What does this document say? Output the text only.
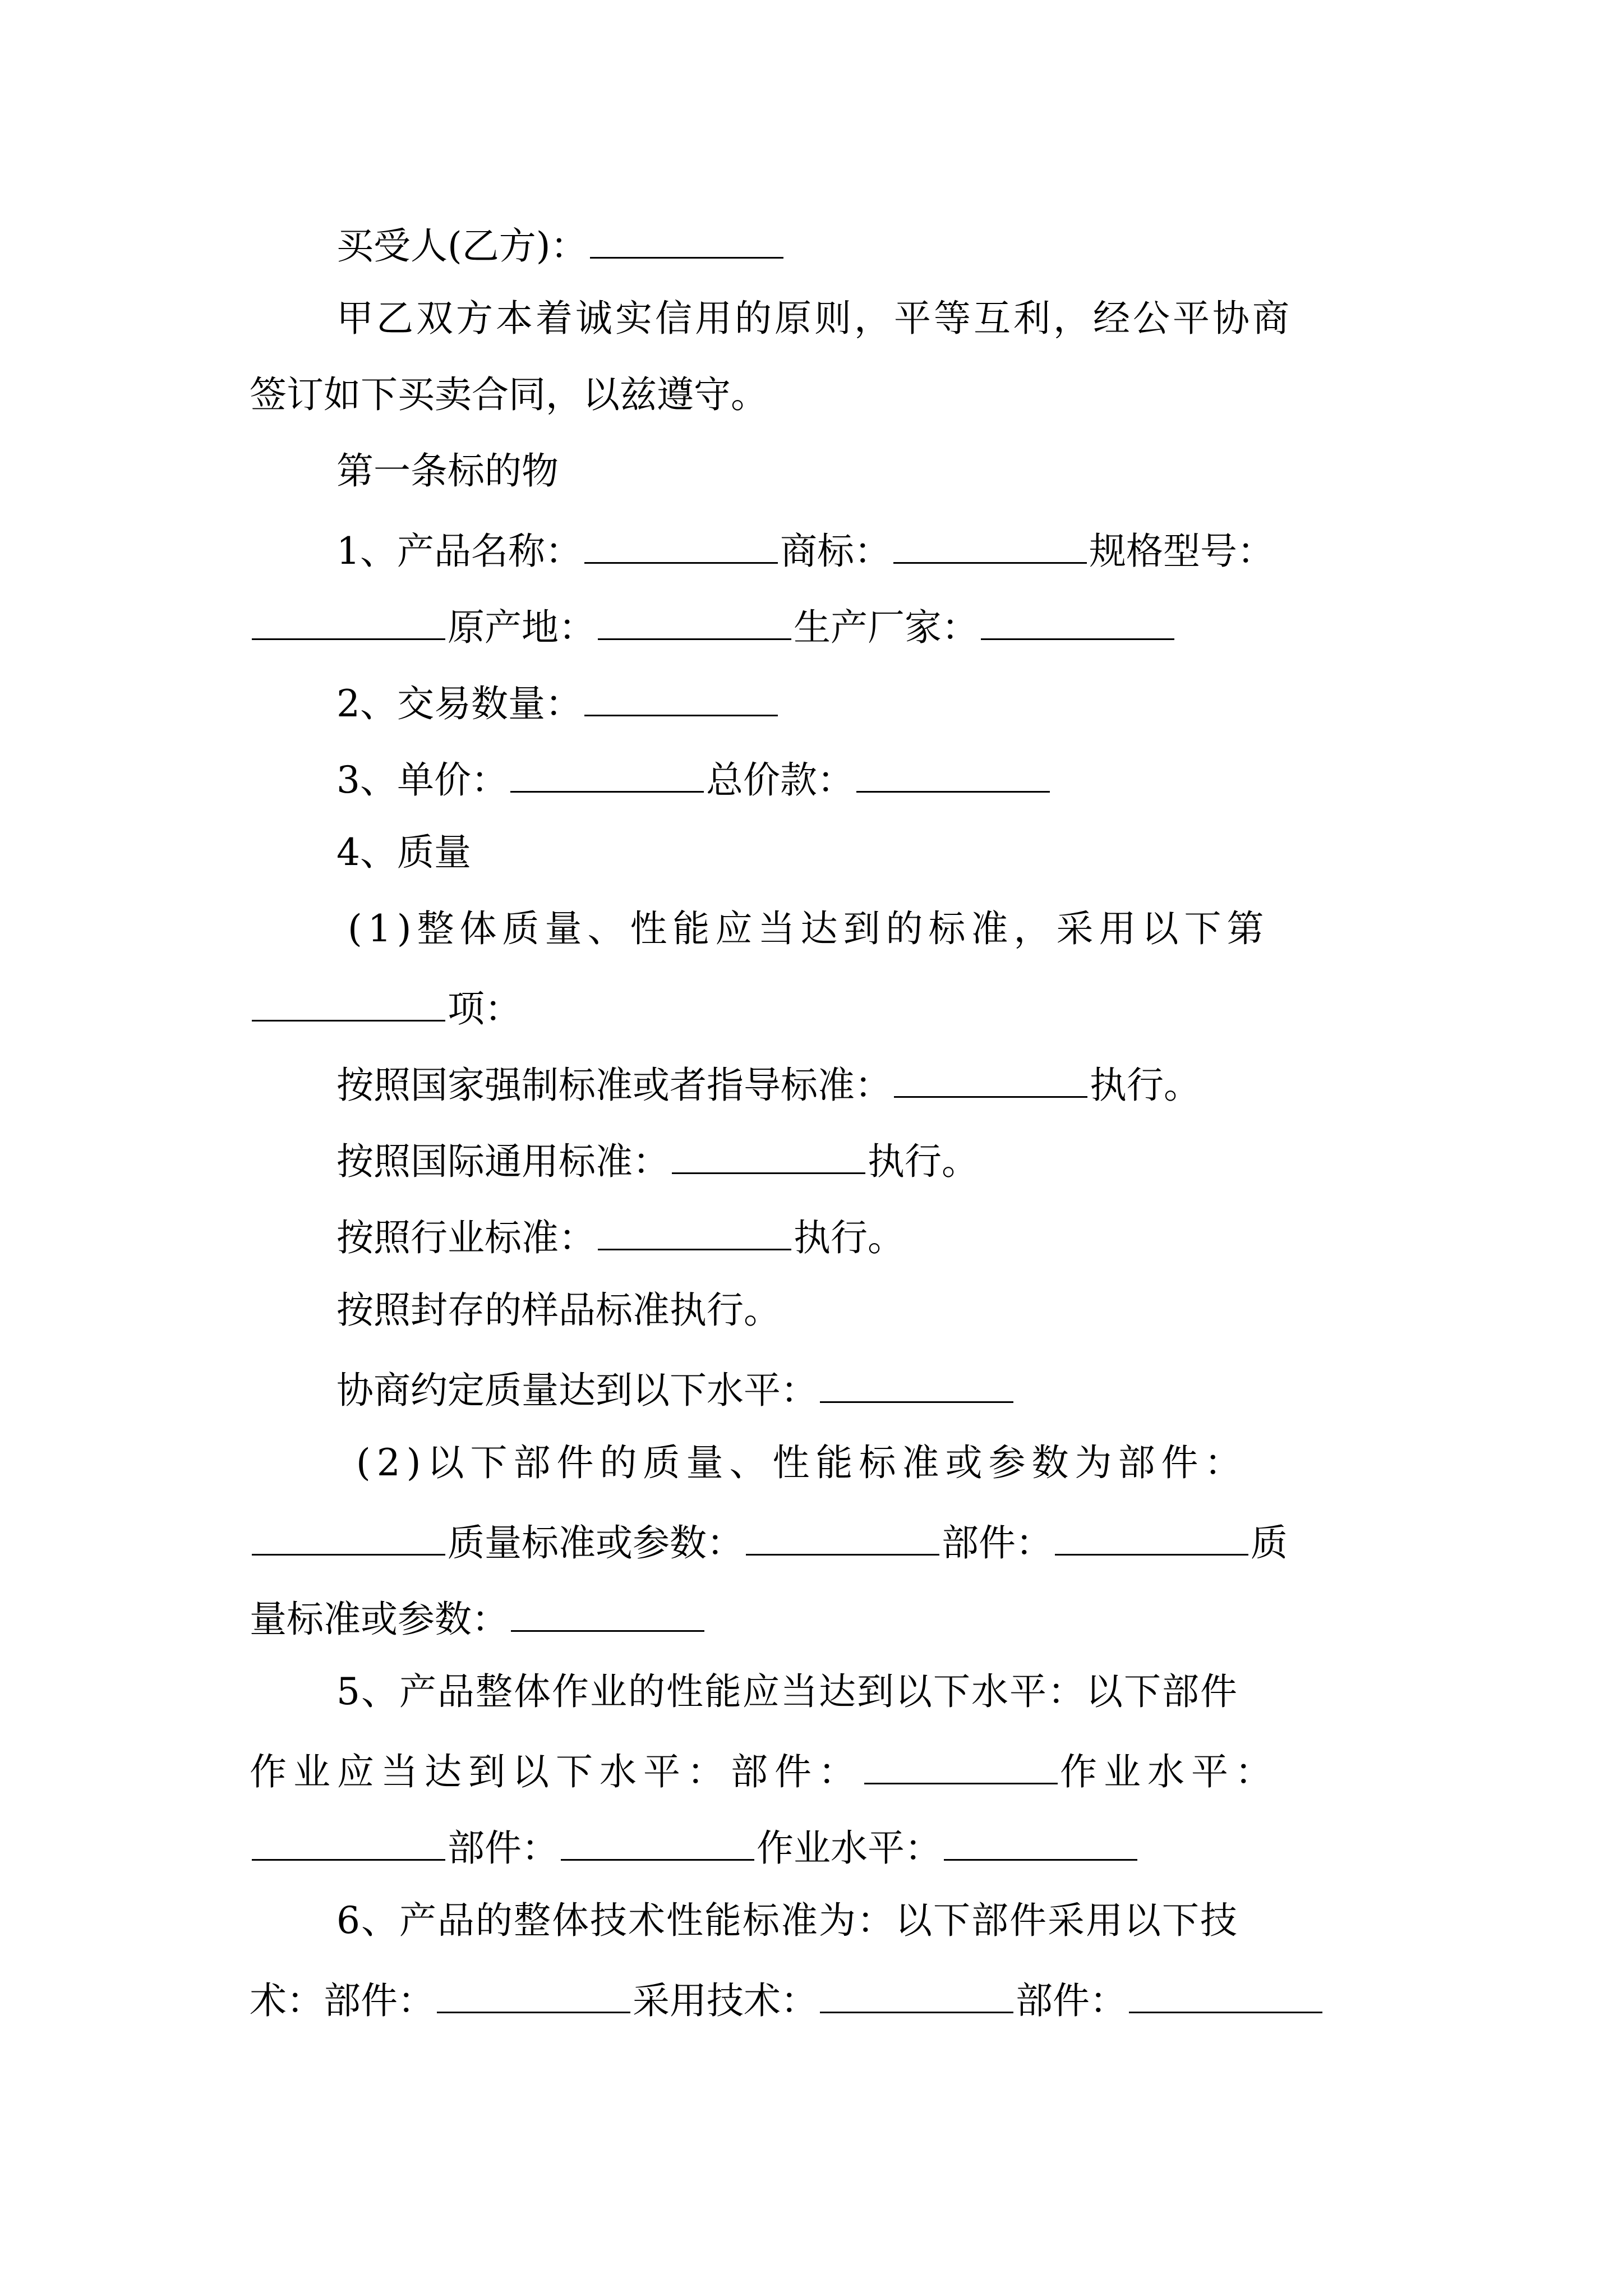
买受人(乙方)：
甲乙双方本着诚实信用的原则，平等互利，经公平协商
签订如下买卖合同，以兹遵守。
第一条标的物
1、产品名称：	商标：	规格型号：
原产地：	生产厂家：
2、交易数量：
3、单价：	总价款：
4、质量
(1)整体质量、性能应当达到的标准，采用以下第
项：
按照国家强制标准或者指导标准：	执行。
按照国际通用标准：	执行。
按照行业标准：	执行。
按照封存的样品标准执行。
协商约定质量达到以下水平：
(2)以下部件的质量、性能标准或参数为部件：
质量标准或参数：	部件：	质
量标准或参数：
5、产品整体作业的性能应当达到以下水平：以下部件
作业应当达到以下水平：部件：	作业水平：
部件：	作业水平：
6、产品的整体技术性能标准为：以下部件采用以下技
术：部件：	采用技术：	部件：
